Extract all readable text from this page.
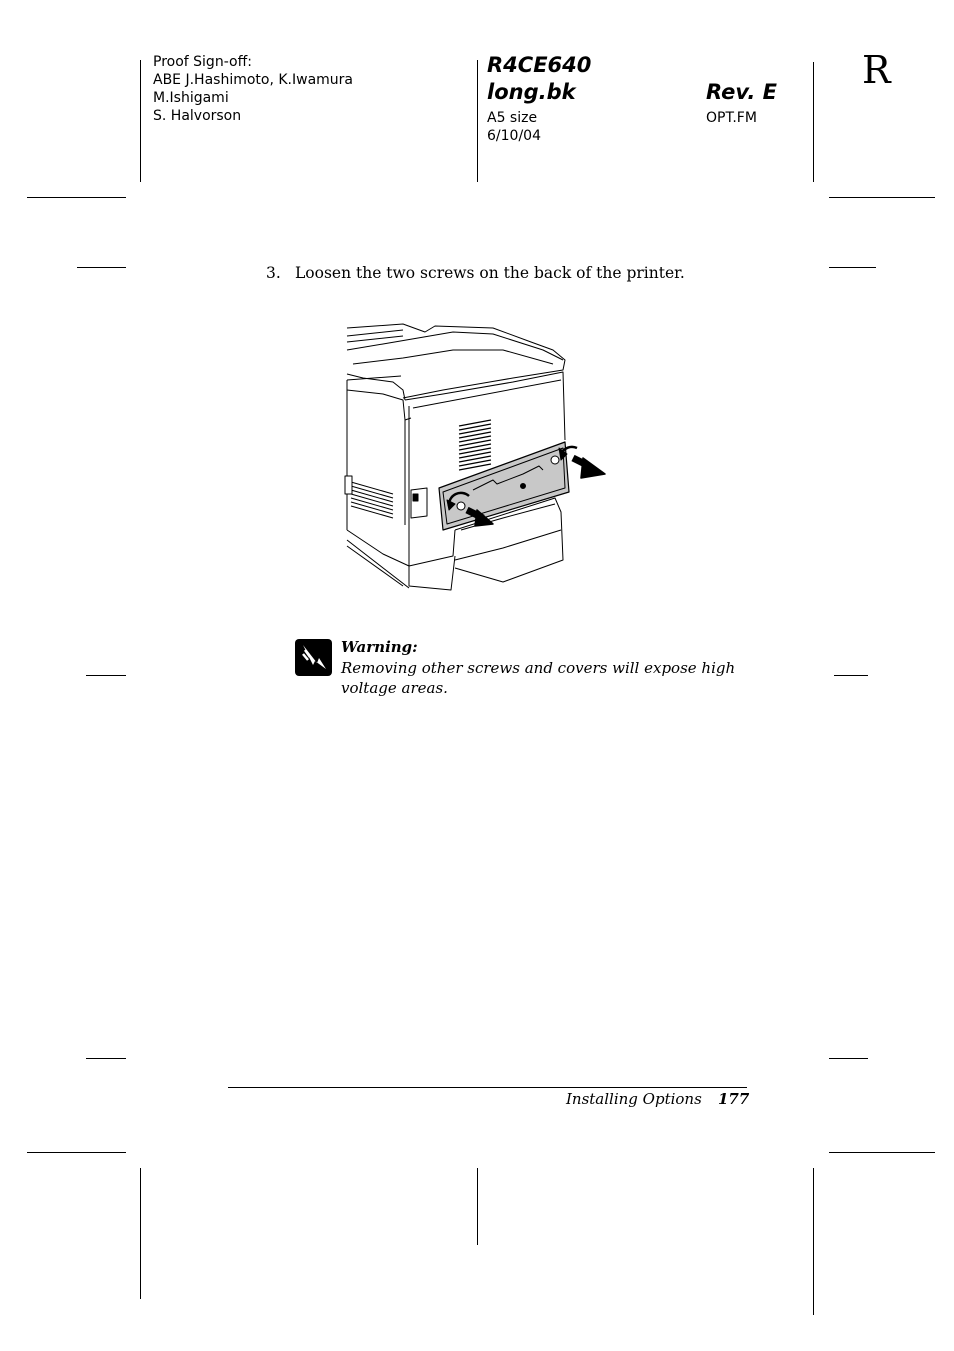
Proof Sign-off:
ABE J.Hashimoto, K.Iwamura
M.Ishigami
S. Halvorson
R4CE640
long.bk	Rev. E
A5 size
6/10/04
OPT.FM
R
3. Loosen the two screws on the back of the printer.
Warning:
Removing other screws and covers will expose high voltage areas.
Installing Options 177
